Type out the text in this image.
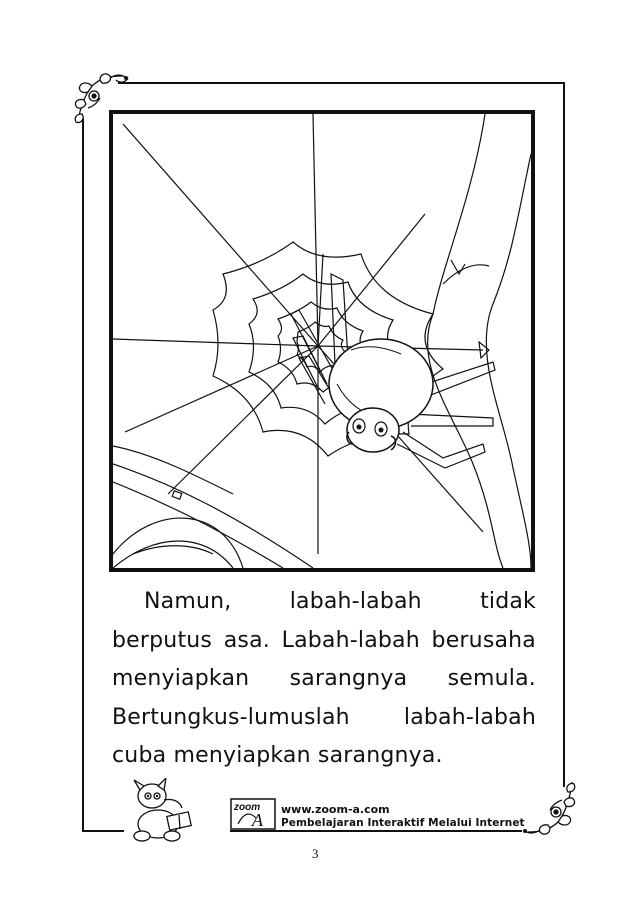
Namun,	labah-labah	tidak
berputus asa. Labah-labah berusaha
menyiapkan sarangnya semula.
Bertungkus-lumuslah labah-labah
cuba menyiapkan sarangnya.
zoom
A
www.zoom-a.com
Pembelajaran Interaktif Melalui Internet
3
